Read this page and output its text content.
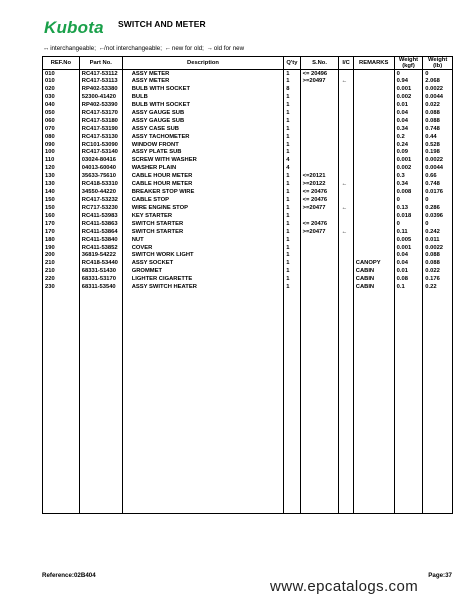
Kubota SWITCH AND METER
↔interchangeable; ↚not interchangeable; ←new for old; →old for new
REF.No	Part No.	Description	Q'ty	S.No.	I/C	REMARKS	Weight
(kgf)	Weight
(lb)
010	RC417-53112	ASSY METER	1	<= 20496			0	0
010	RC417-53113	ASSY METER	1	>=20497	←		0.94	2.068
020	RP402-53380	BULB WITH SOCKET	8				0.001	0.0022
030	52300-41420	BULB	1				0.002	0.0044
040	RP402-53390	BULB WITH SOCKET	1				0.01	0.022
050	RC417-53170	ASSY GAUGE SUB	1				0.04	0.088
060	RC417-53180	ASSY GAUGE SUB	1				0.04	0.088
070	RC417-53190	ASSY CASE SUB	1				0.34	0.748
080	RC417-53130	ASSY TACHOMETER	1				0.2	0.44
090	RC101-53090	WINDOW FRONT	1				0.24	0.528
100	RC417-53140	ASSY PLATE SUB	1				0.09	0.198
110	03024-80416	SCREW WITH WASHER	4				0.001	0.0022
120	04013-60040	WASHER PLAIN	4				0.002	0.0044
130	35633-75610	CABLE HOUR METER	1	<=20121			0.3	0.66
130	RC418-53310	CABLE HOUR METER	1	>=20122	←		0.34	0.748
140	34550-44220	BREAKER STOP WIRE	1	<= 20476			0.008	0.0176
150	RC417-53232	CABLE STOP	1	<= 20476			0	0
150	RC717-53230	WIRE ENGINE STOP	1	>=20477	←		0.13	0.286
160	RC411-53983	KEY STARTER	1				0.018	0.0396
170	RC411-53863	SWITCH STARTER	1	<= 20476			0	0
170	RC411-53864	SWITCH STARTER	1	>=20477	←		0.11	0.242
180	RC411-53840	NUT	1				0.005	0.011
190	RC411-53852	COVER	1				0.001	0.0022
200	36819-54222	SWITCH WORK LIGHT	1				0.04	0.088
210	RC418-53440	ASSY SOCKET	1			CANOPY	0.04	0.088
210	68331-51430	GROMMET	1			CABIN	0.01	0.022
220	68331-53170	LIGHTER CIGARETTE	1			CABIN	0.08	0.176
230	68311-53540	ASSY SWITCH HEATER	1			CABIN	0.1	0.22

Reference:02B404	Page:37
www.epcatalogs.com
